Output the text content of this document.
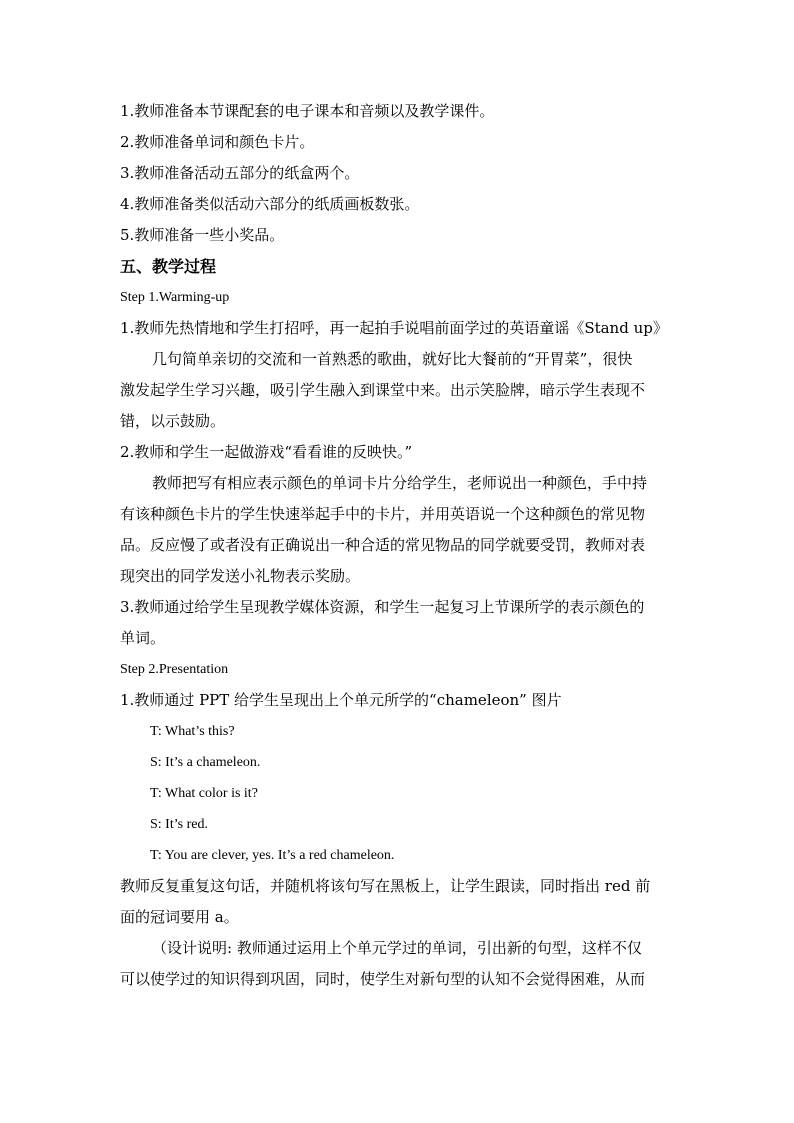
1.教师准备本节课配套的电子课本和音频以及教学课件。
2.教师准备单词和颜色卡片。
3.教师准备活动五部分的纸盒两个。
4.教师准备类似活动六部分的纸质画板数张。
5.教师准备一些小奖品。
五、教学过程
Step 1.Warming-up
1.教师先热情地和学生打招呼，再一起拍手说唱前面学过的英语童谣《Stand up》
几句简单亲切的交流和一首熟悉的歌曲，就好比大餐前的“开胃菜”，很快
激发起学生学习兴趣，吸引学生融入到课堂中来。出示笑脸牌，暗示学生表现不
错，以示鼓励。
2.教师和学生一起做游戏“看看谁的反映快。”
教师把写有相应表示颜色的单词卡片分给学生，老师说出一种颜色，手中持
有该种颜色卡片的学生快速举起手中的卡片，并用英语说一个这种颜色的常见物
品。反应慢了或者没有正确说出一种合适的常见物品的同学就要受罚，教师对表
现突出的同学发送小礼物表示奖励。
3.教师通过给学生呈现教学媒体资源，和学生一起复习上节课所学的表示颜色的
单词。
Step 2.Presentation
1.教师通过 PPT 给学生呈现出上个单元所学的“chameleon” 图片
T: What’s this?
S: It’s a chameleon.
T: What color is it?
S: It’s red.
T: You are clever, yes. It’s a red chameleon.
教师反复重复这句话，并随机将该句写在黑板上，让学生跟读，同时指出 red 前
面的冠词要用 a。
（设计说明: 教师通过运用上个单元学过的单词，引出新的句型，这样不仅
可以使学过的知识得到巩固，同时，使学生对新句型的认知不会觉得困难，从而
